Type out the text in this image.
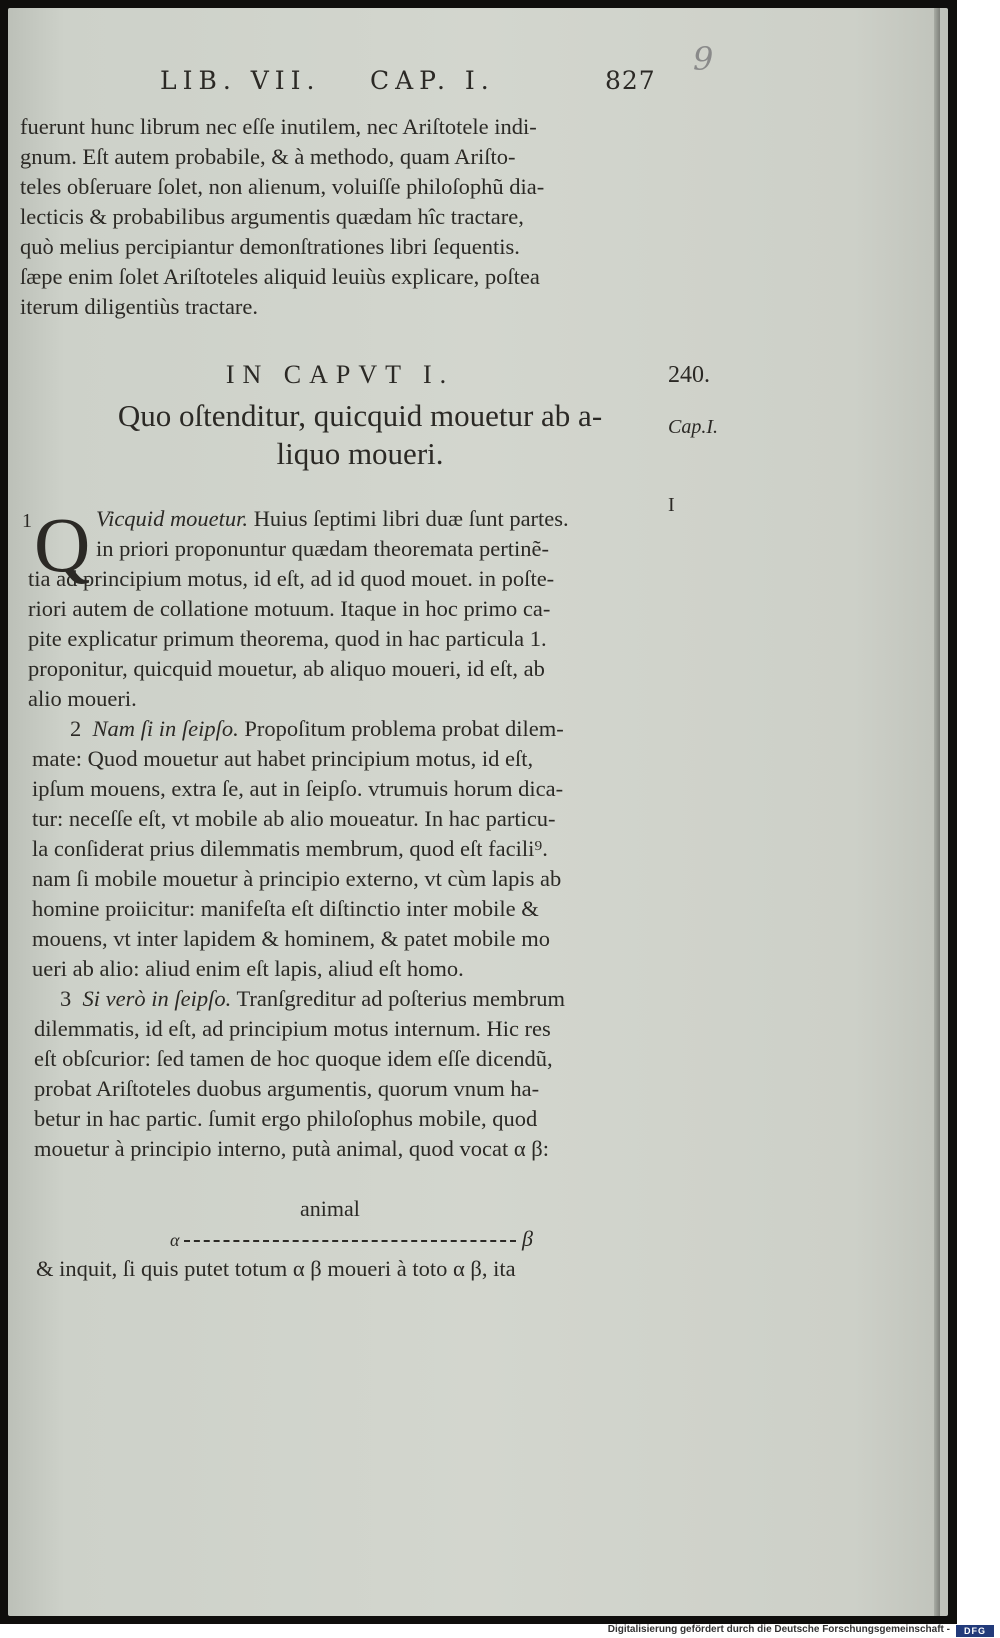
LIB. VII. CAP. I.	827
9
fuerunt hunc librum nec eſſe inutilem, nec Ariſtotele indi-
gnum. Eſt autem probabile, & à methodo, quam Ariſto-
teles obſeruare ſolet, non alienum, voluiſſe philoſophũ dia-
lecticis & probabilibus argumentis quædam hîc tractare,
quò melius percipiantur demonſtrationes libri ſequentis.
ſæpe enim ſolet Ariſtoteles aliquid leuiùs explicare, poſtea
iterum diligentiùs tractare.
IN CAPVT I.	240.
Cap.I.
Quo oſtenditur, quicquid mouetur ab a-
liquo moueri.
1
I
Q Vicquid mouetur. Huius ſeptimi libri duæ ſunt partes.
in priori proponuntur quædam theoremata pertinẽ-
tia ad principium motus, id eſt, ad id quod mouet. in poſte-
riori autem de collatione motuum. Itaque in hoc primo ca-
pite explicatur primum theorema, quod in hac particula 1.
proponitur, quicquid mouetur, ab aliquo moueri, id eſt, ab
alio moueri.
2 Nam ſi in ſeipſo. Propoſitum problema probat dilem-
mate: Quod mouetur aut habet principium motus, id eſt,
ipſum mouens, extra ſe, aut in ſeipſo. vtrumuis horum dica-
tur: neceſſe eſt, vt mobile ab alio moueatur. In hac particu-
la conſiderat prius dilemmatis membrum, quod eſt facili⁹.
nam ſi mobile mouetur à principio externo, vt cùm lapis ab
homine proiicitur: manifeſta eſt diſtinctio inter mobile &
mouens, vt inter lapidem & hominem, & patet mobile mo
ueri ab alio: aliud enim eſt lapis, aliud eſt homo.
3 Si verò in ſeipſo. Tranſgreditur ad poſterius membrum
dilemmatis, id eſt, ad principium motus internum. Hic res
eſt obſcurior: ſed tamen de hoc quoque idem eſſe dicendũ,
probat Ariſtoteles duobus argumentis, quorum vnum ha-
betur in hac partic. ſumit ergo philoſophus mobile, quod
mouetur à principio interno, putà animal, quod vocat α β:
animal
α	β
& inquit, ſi quis putet totum α β moueri à toto α β, ita
Digitalisierung gefördert durch die Deutsche Forschungsgemeinschaft -	DFG
